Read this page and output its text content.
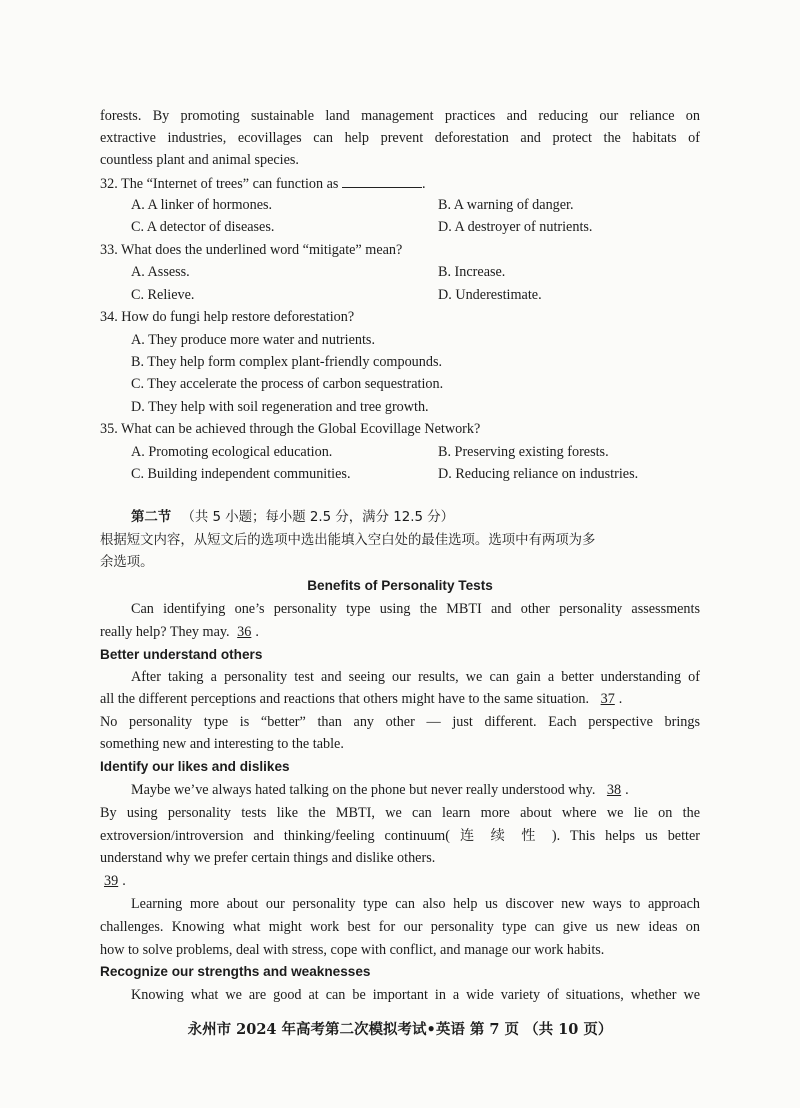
forests. By promoting sustainable land management practices and reducing our reliance on
extractive industries, ecovillages can help prevent deforestation and protect the habitats of
countless plant and animal species.
32. The “Internet of trees” can function as	.
A. A linker of hormones.	B. A warning of danger.
C. A detector of diseases.	D. A destroyer of nutrients.
33. What does the underlined word “mitigate” mean?
A. Assess.	B. Increase.
C. Relieve.	D. Underestimate.
34. How do fungi help restore deforestation?
A. They produce more water and nutrients.
B. They help form complex plant-friendly compounds.
C. They accelerate the process of carbon sequestration.
D. They help with soil regeneration and tree growth.
35. What can be achieved through the Global Ecovillage Network?
A. Promoting ecological education.	B. Preserving existing forests.
C. Building independent communities.	D. Reducing reliance on industries.
第二节 （共 5 小题；每小题 2.5 分，满分 12.5 分）
根据短文内容，从短文后的选项中选出能填入空白处的最佳选项。选项中有两项为多
余选项。
Benefits of Personality Tests
Can identifying one’s personality type using the MBTI and other personality assessments
really help? They may. 36 .
Better understand others
After taking a personality test and seeing our results, we can gain a better understanding of
all the different perceptions and reactions that others might have to the same situation. 37 .
No personality type is “better” than any other — just different. Each perspective brings
something new and interesting to the table.
Identify our likes and dislikes
Maybe we’ve always hated talking on the phone but never really understood why. 38 .
By using personality tests like the MBTI, we can learn more about where we lie on the
extroversion/introversion and thinking/feeling continuum( 连 续 性 ). This helps us better
understand why we prefer certain things and dislike others.
39 .
Learning more about our personality type can also help us discover new ways to approach
challenges. Knowing what might work best for our personality type can give us new ideas on
how to solve problems, deal with stress, cope with conflict, and manage our work habits.
Recognize our strengths and weaknesses
Knowing what we are good at can be important in a wide variety of situations, whether we
永州市 2024 年高考第二次模拟考试•英语 第 7 页 （共 10 页）
